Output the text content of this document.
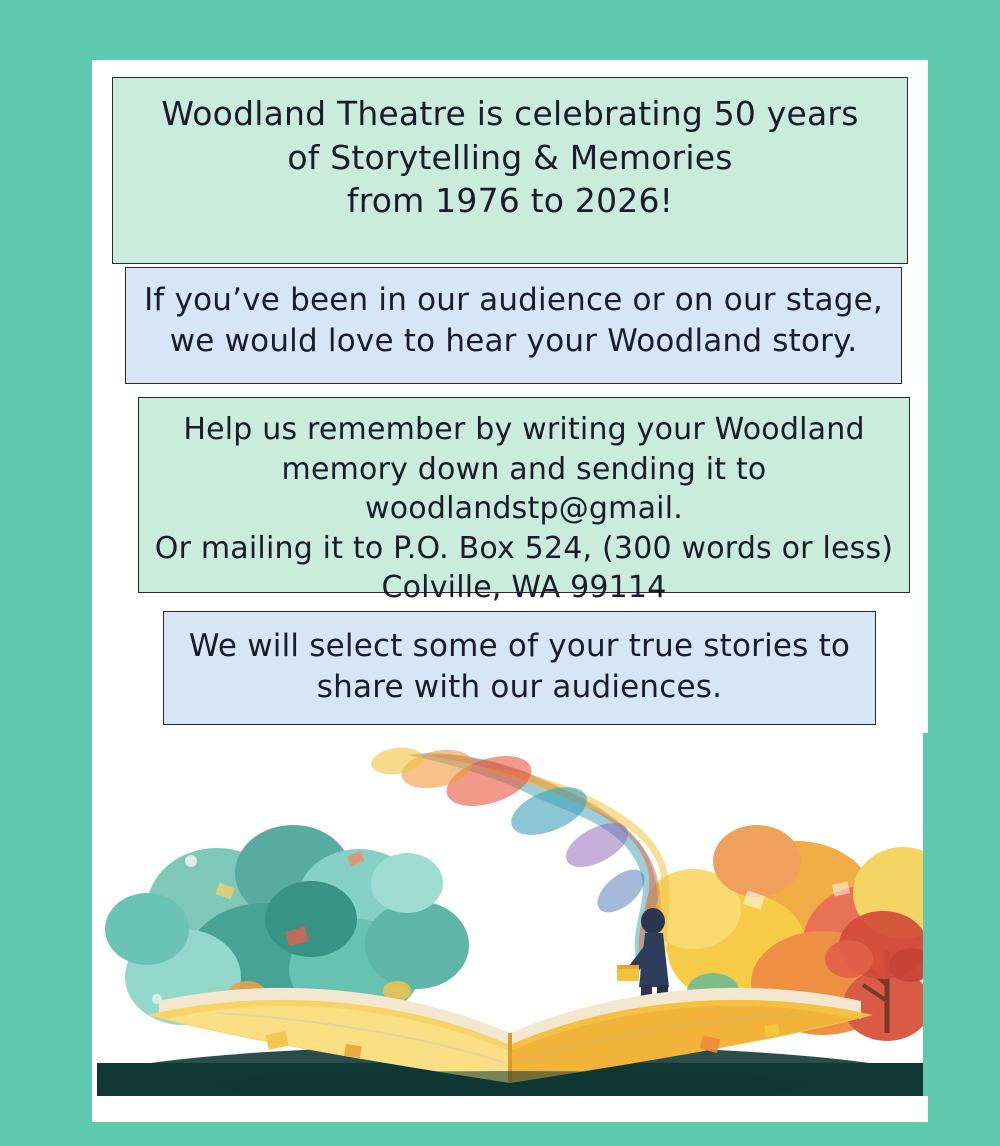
Woodland Theatre is celebrating 50 years

of Storytelling & Memories

from 1976 to 2026!

If you’ve been in our audience or on our stage,

we would love to hear your Woodland story.

Help us remember by writing your Woodland

memory down and sending it to woodlandstp@gmail.

Or mailing it to P.O. Box 524, (300 words or less)

Colville, WA 99114

We will select some of your true stories to

share with our audiences.
